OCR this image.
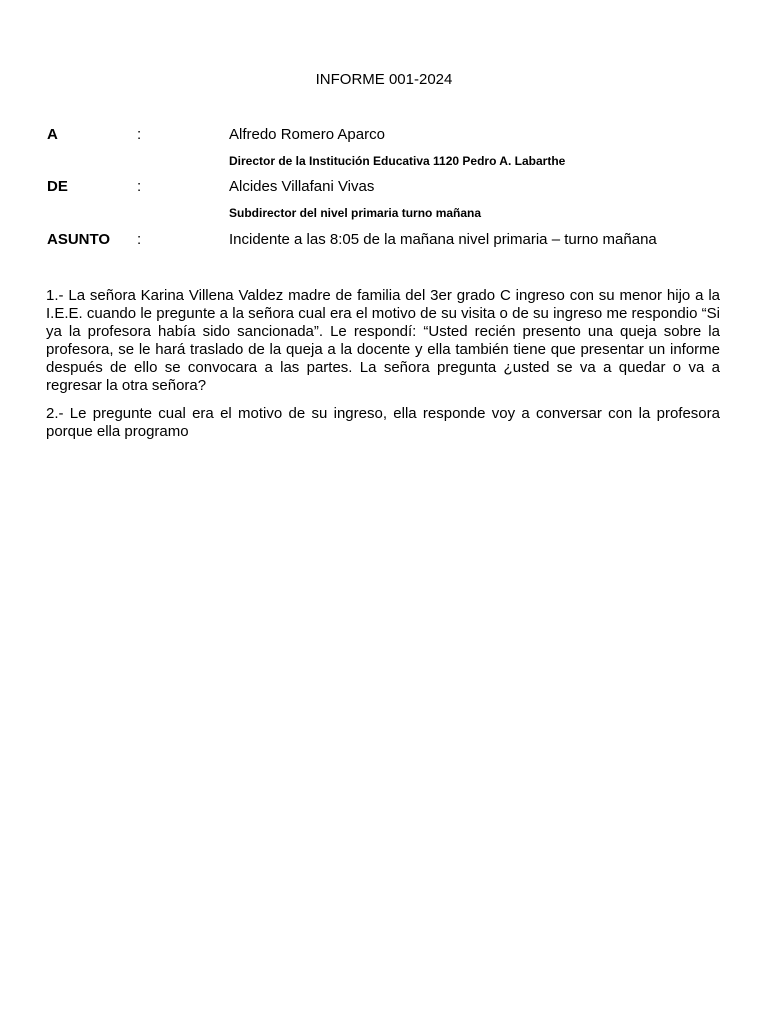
INFORME 001-2024
A	:	Alfredo Romero Aparco
Director de la Institución Educativa 1120 Pedro A. Labarthe
DE	:	Alcides Villafani Vivas
Subdirector del nivel primaria turno mañana
ASUNTO :	Incidente a las 8:05 de la mañana nivel primaria – turno mañana

1.- La señora Karina Villena Valdez madre de familia del 3er grado C ingreso con su menor hijo a la I.E.E. cuando le pregunte a la señora cual era el motivo de su visita o de su ingreso me respondio “Si ya la profesora había sido sancionada”. Le respondí: “Usted recién presento una queja sobre la profesora, se le hará traslado de la queja a la docente y ella también tiene que presentar un informe después de ello se convocara a las partes. La señora pregunta ¿usted se va a quedar o va a regresar la otra señora?

2.- Le pregunte cual era el motivo de su ingreso, ella responde voy a conversar con la profesora porque ella programo
